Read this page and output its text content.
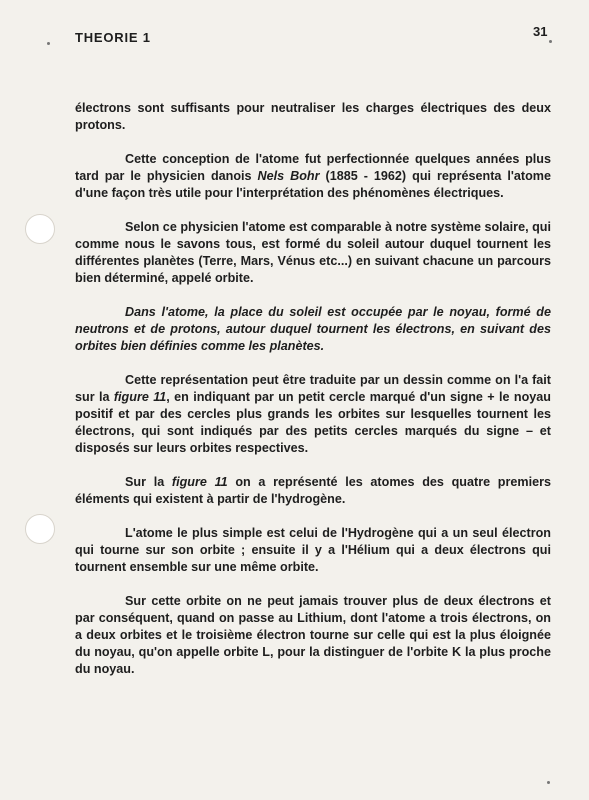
THEORIE 1	31

électrons sont suffisants pour neutraliser les charges électriques des deux protons.

Cette conception de l'atome fut perfectionnée quelques années plus tard par le physicien danois Nels Bohr (1885 - 1962) qui représenta l'atome d'une façon très utile pour l'interprétation des phénomènes électriques.

Selon ce physicien l'atome est comparable à notre système solaire, qui comme nous le savons tous, est formé du soleil autour duquel tournent les différentes planètes (Terre, Mars, Vénus etc...) en suivant chacune un parcours bien déterminé, appelé orbite.

Dans l'atome, la place du soleil est occupée par le noyau, formé de neutrons et de protons, autour duquel tournent les électrons, en suivant des orbites bien définies comme les planètes.

Cette représentation peut être traduite par un dessin comme on l'a fait sur la figure 11, en indiquant par un petit cercle marqué d'un signe + le noyau positif et par des cercles plus grands les orbites sur lesquelles tournent les électrons, qui sont indiqués par des petits cercles marqués du signe – et disposés sur leurs orbites respectives.

Sur la figure 11 on a représenté les atomes des quatre premiers éléments qui existent à partir de l'hydrogène.

L'atome le plus simple est celui de l'Hydrogène qui a un seul électron qui tourne sur son orbite ; ensuite il y a l'Hélium qui a deux électrons qui tournent ensemble sur une même orbite.

Sur cette orbite on ne peut jamais trouver plus de deux électrons et par conséquent, quand on passe au Lithium, dont l'atome a trois électrons, on a deux orbites et le troisième électron tourne sur celle qui est la plus éloignée du noyau, qu'on appelle orbite L, pour la distinguer de l'orbite K la plus proche du noyau.
